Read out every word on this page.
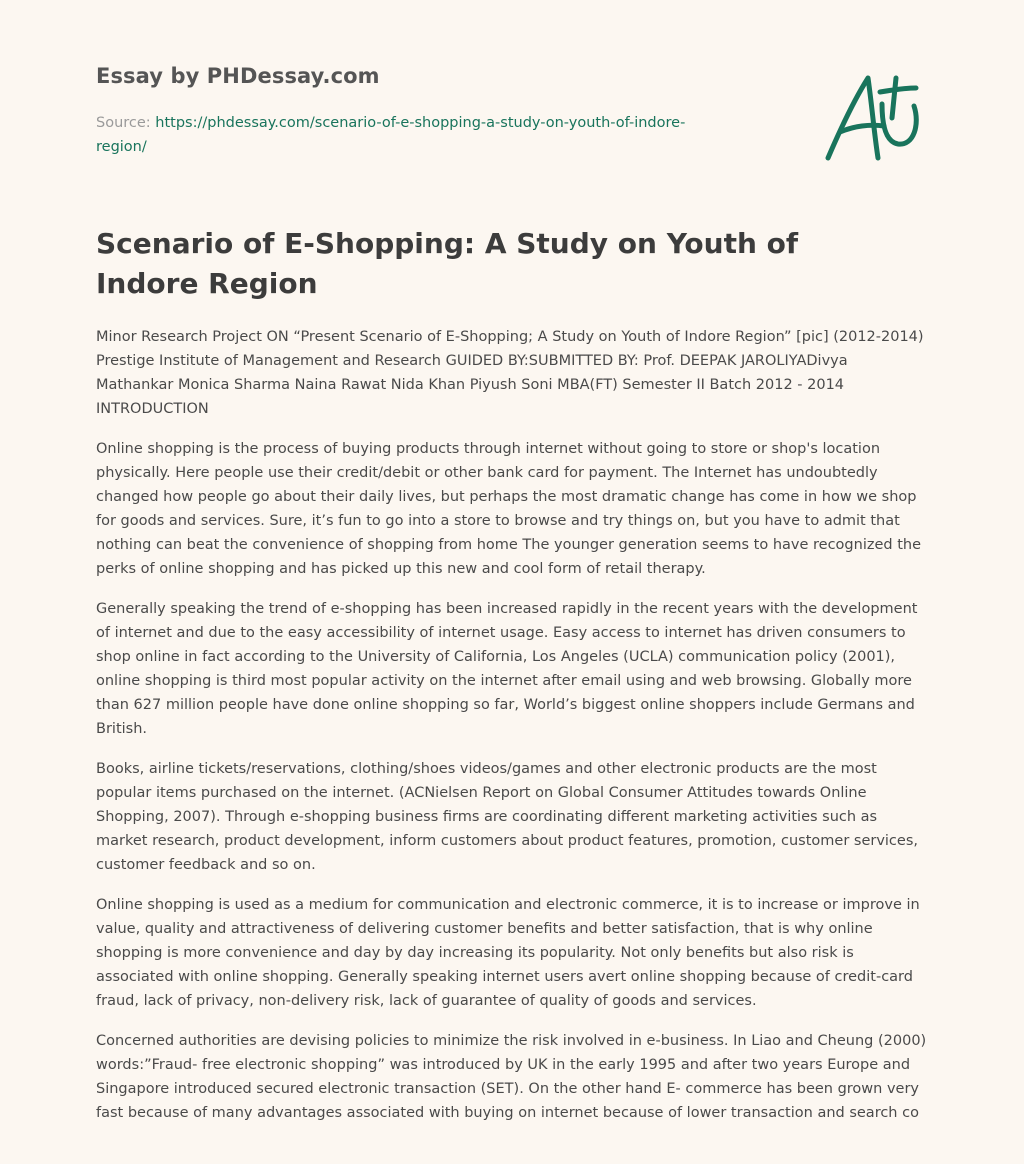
Essay by PHDessay.com
Source: https://phdessay.com/scenario-of-e-shopping-a-study-on-youth-of-indore-region/
Scenario of E-Shopping: A Study on Youth of Indore Region

Minor Research Project ON “Present Scenario of E-Shopping; A Study on Youth of Indore Region” [pic] (2012-2014) Prestige Institute of Management and Research GUIDED BY:SUBMITTED BY: Prof. DEEPAK JAROLIYADivya Mathankar Monica Sharma Naina Rawat Nida Khan Piyush Soni MBA(FT) Semester II Batch 2012 - 2014 INTRODUCTION

Online shopping is the process of buying products through internet without going to store or shop's location physically. Here people use their credit/debit or other bank card for payment. The Internet has undoubtedly changed how people go about their daily lives, but perhaps the most dramatic change has come in how we shop for goods and services. Sure, it’s fun to go into a store to browse and try things on, but you have to admit that nothing can beat the convenience of shopping from home The younger generation seems to have recognized the perks of online shopping and has picked up this new and cool form of retail therapy.

Generally speaking the trend of e-shopping has been increased rapidly in the recent years with the development of internet and due to the easy accessibility of internet usage. Easy access to internet has driven consumers to shop online in fact according to the University of California, Los Angeles (UCLA) communication policy (2001), online shopping is third most popular activity on the internet after email using and web browsing. Globally more than 627 million people have done online shopping so far, World’s biggest online shoppers include Germans and British.

Books, airline tickets/reservations, clothing/shoes videos/games and other electronic products are the most popular items purchased on the internet. (ACNielsen Report on Global Consumer Attitudes towards Online Shopping, 2007). Through e-shopping business firms are coordinating different marketing activities such as market research, product development, inform customers about product features, promotion, customer services, customer feedback and so on.

Online shopping is used as a medium for communication and electronic commerce, it is to increase or improve in value, quality and attractiveness of delivering customer benefits and better satisfaction, that is why online shopping is more convenience and day by day increasing its popularity. Not only benefits but also risk is associated with online shopping. Generally speaking internet users avert online shopping because of credit-card fraud, lack of privacy, non-delivery risk, lack of guarantee of quality of goods and services.

Concerned authorities are devising policies to minimize the risk involved in e-business. In Liao and Cheung (2000) words:”Fraud- free electronic shopping” was introduced by UK in the early 1995 and after two years Europe and Singapore introduced secured electronic transaction (SET). On the other hand E- commerce has been grown very fast because of many advantages associated with buying on internet because of lower transaction and search co
